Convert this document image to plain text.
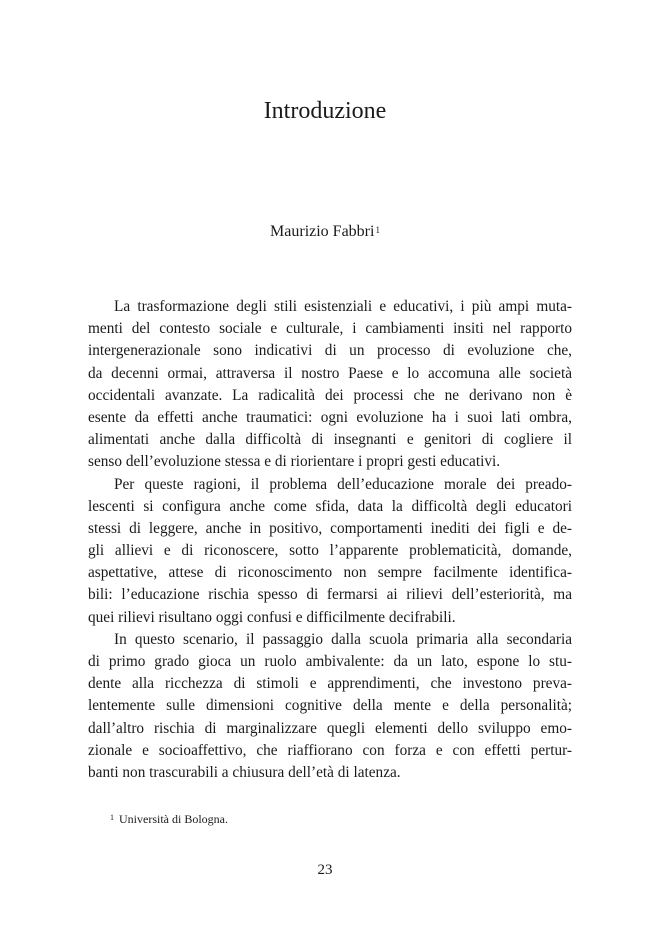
Introduzione
Maurizio Fabbri$^1$
La trasformazione degli stili esistenziali e educativi, i più ampi muta-
menti del contesto sociale e culturale, i cambiamenti insiti nel rapporto
intergenerazionale sono indicativi di un processo di evoluzione che,
da decenni ormai, attraversa il nostro Paese e lo accomuna alle società
occidentali avanzate. La radicalità dei processi che ne derivano non è
esente da effetti anche traumatici: ogni evoluzione ha i suoi lati ombra,
alimentati anche dalla difficoltà di insegnanti e genitori di cogliere il
senso dell’evoluzione stessa e di riorientare i propri gesti educativi.
Per queste ragioni, il problema dell’educazione morale dei preado-
lescenti si configura anche come sfida, data la difficoltà degli educatori
stessi di leggere, anche in positivo, comportamenti inediti dei figli e de-
gli allievi e di riconoscere, sotto l’apparente problematicità, domande,
aspettative, attese di riconoscimento non sempre facilmente identifica-
bili: l’educazione rischia spesso di fermarsi ai rilievi dell’esteriorità, ma
quei rilievi risultano oggi confusi e difficilmente decifrabili.
In questo scenario, il passaggio dalla scuola primaria alla secondaria
di primo grado gioca un ruolo ambivalente: da un lato, espone lo stu-
dente alla ricchezza di stimoli e apprendimenti, che investono preva-
lentemente sulle dimensioni cognitive della mente e della personalità;
dall’altro rischia di marginalizzare quegli elementi dello sviluppo emo-
zionale e socioaffettivo, che riaffiorano con forza e con effetti pertur-
banti non trascurabili a chiusura dell’età di latenza.
$^1$ Università di Bologna.
23
